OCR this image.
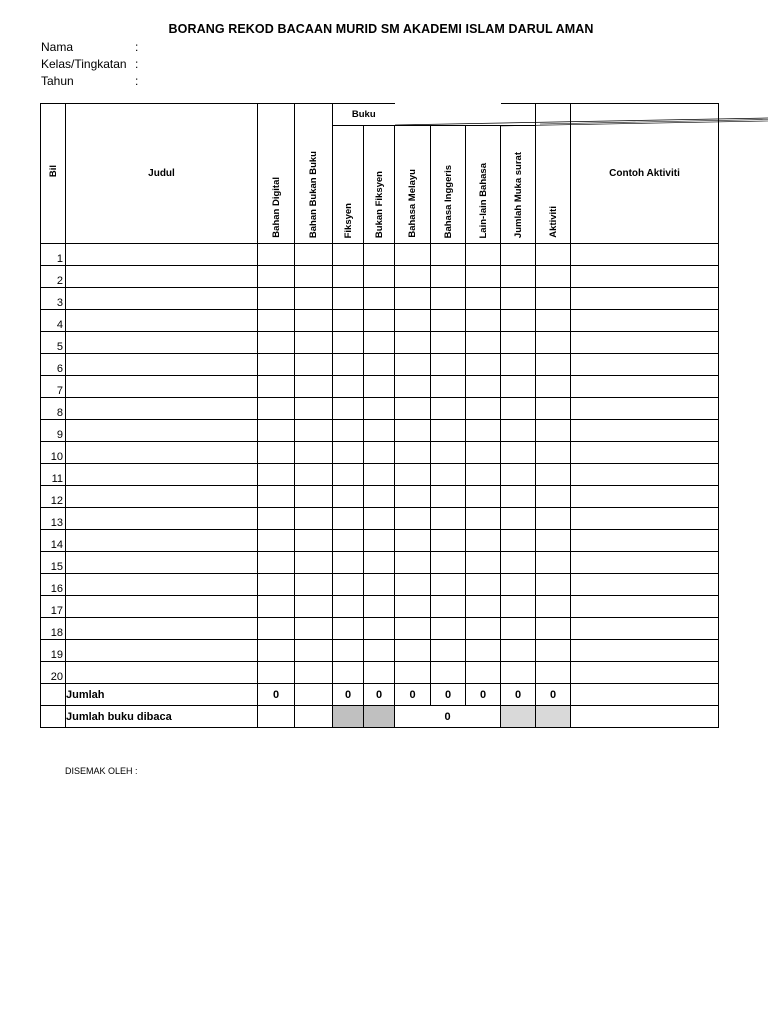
BORANG REKOD BACAAN MURID SM AKADEMI ISLAM DARUL AMAN
Nama	:
Kelas/Tingkatan :
Tahun	:
Bil	Judul	Bahan Digital	Bahan Bukan Buku	Buku						Aktiviti	Contoh Aktiviti
				Fiksyen	Bukan Fiksyen	Bahasa Melayu	Bahasa Inggeris	Lain-lain Bahasa	Jumlah Muka surat		
1											
2											
3											
4											
5											
6											
7											
8											
9											
10											
11											
12											
13											
14											
15											
16											
17											
18											
19											
20											
	Jumlah	0		0	0	0	0	0	0	0	
	Jumlah buku dibaca					0					
DISEMAK OLEH :
